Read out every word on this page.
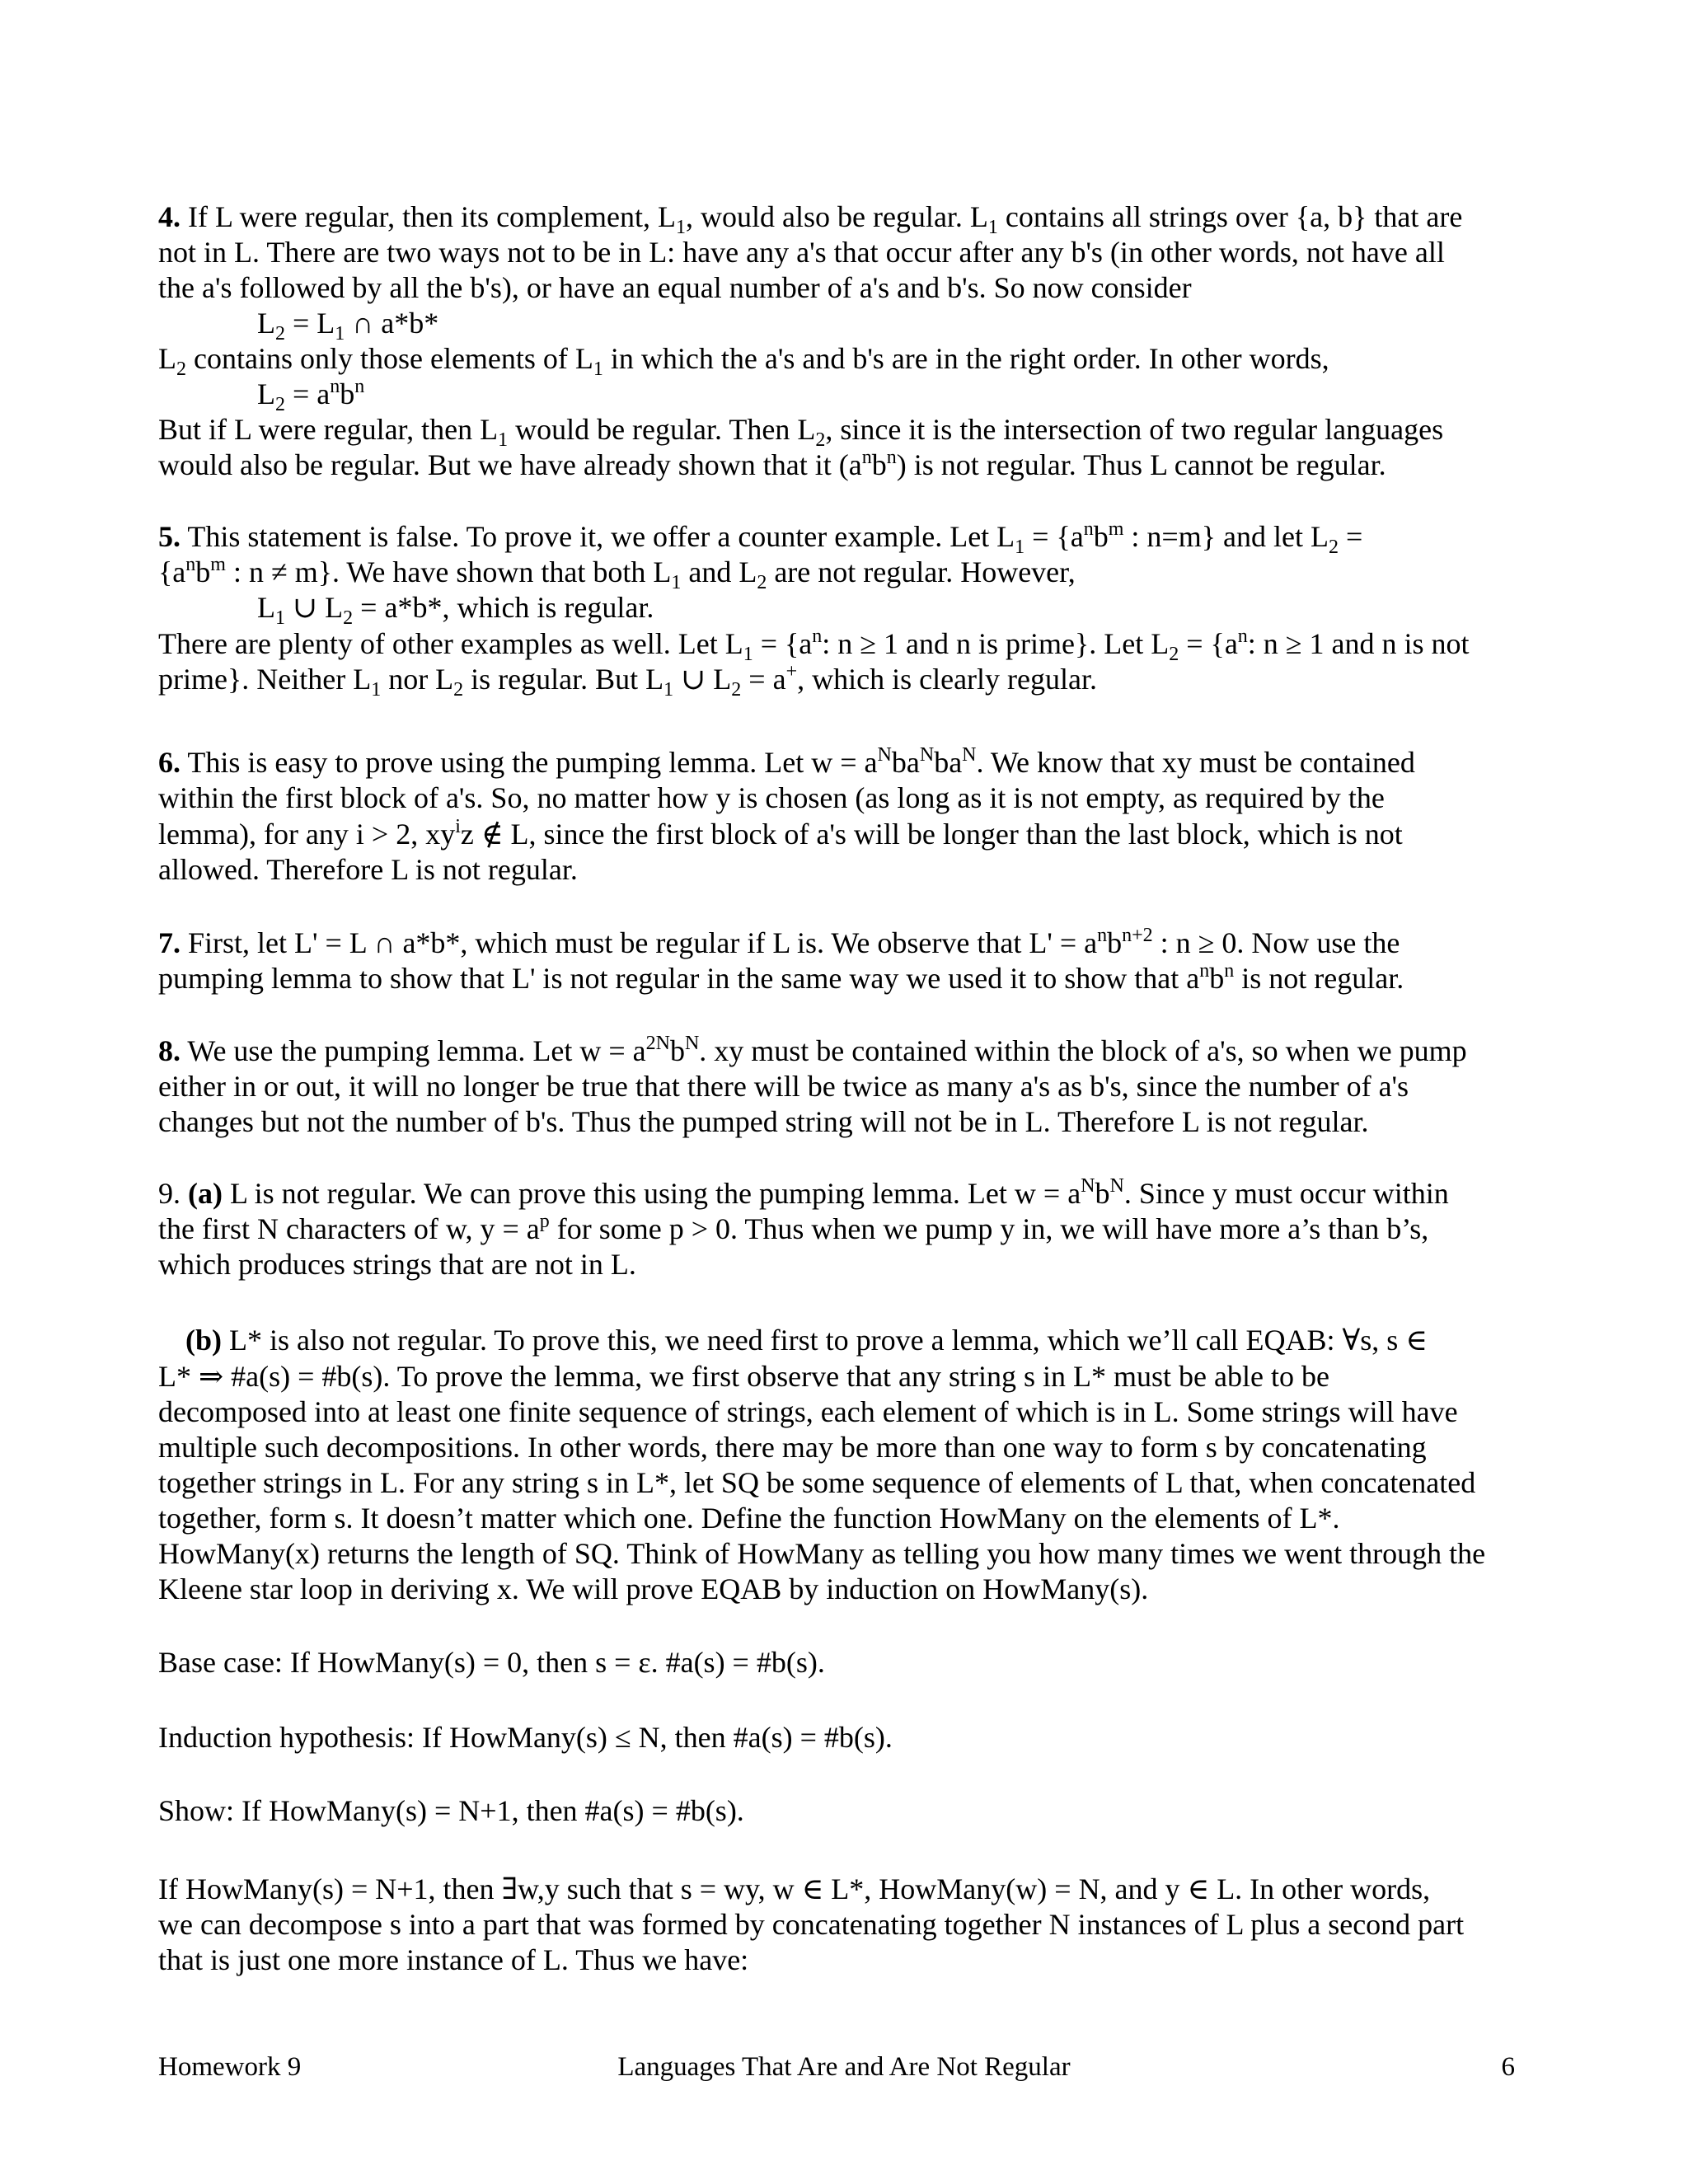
4. If L were regular, then its complement, $L_1$, would also be regular. $L_1$ contains all strings over {a, b} that are
not in L. There are two ways not to be in L: have any a's that occur after any b's (in other words, not have all
the a's followed by all the b's), or have an equal number of a's and b's. So now consider
$L_2 = L_1$ ∩ a*b*
$L_2$ contains only those elements of $L_1$ in which the a's and b's are in the right order. In other words,
$L_2 = a^nb^n$
But if L were regular, then $L_1$ would be regular. Then $L_2$, since it is the intersection of two regular languages
would also be regular. But we have already shown that it $(a^nb^n)$ is not regular. Thus L cannot be regular.
5. This statement is false. To prove it, we offer a counter example. Let $L_1 = \{a^nb^m$ : n=m} and let $L_2$ =
{$a^nb^m$ : n ≠ m}. We have shown that both $L_1$ and $L_2$ are not regular. However,
$L_1$ ∪ $L_2 = a*b*$, which is regular.
There are plenty of other examples as well. Let $L_1 = \{a^n$: n ≥ 1 and n is prime}. Let $L_2 = \{a^n$: n ≥ 1 and n is not
prime}. Neither $L_1$ nor $L_2$ is regular. But $L_1$ ∪ $L_2 = a^+$, which is clearly regular.
6. This is easy to prove using the pumping lemma. Let $w = a^Nba^Nba^N$. We know that xy must be contained
within the first block of a's. So, no matter how y is chosen (as long as it is not empty, as required by the
lemma), for any i > 2, $xy^iz$ ∉ L, since the first block of a's will be longer than the last block, which is not
allowed. Therefore L is not regular.
7. First, let L' = L ∩ a*b*, which must be regular if L is. We observe that $L' = a^nb^{n+2}$ : n ≥ 0. Now use the
pumping lemma to show that L' is not regular in the same way we used it to show that $a^nb^n$ is not regular.
8. We use the pumping lemma. Let $w = a^{2N}b^N$. xy must be contained within the block of a's, so when we pump
either in or out, it will no longer be true that there will be twice as many a's as b's, since the number of a's
changes but not the number of b's. Thus the pumped string will not be in L. Therefore L is not regular.
9. (a) L is not regular. We can prove this using the pumping lemma. Let $w = a^Nb^N$. Since y must occur within
the first N characters of w, $y = a^p$ for some p > 0. Thus when we pump y in, we will have more a’s than b’s,
which produces strings that are not in L.
(b) L* is also not regular. To prove this, we need first to prove a lemma, which we’ll call EQAB: ∀s, s ∈
L* ⇒ #a(s) = #b(s). To prove the lemma, we first observe that any string s in L* must be able to be
decomposed into at least one finite sequence of strings, each element of which is in L. Some strings will have
multiple such decompositions. In other words, there may be more than one way to form s by concatenating
together strings in L. For any string s in L*, let SQ be some sequence of elements of L that, when concatenated
together, form s. It doesn’t matter which one. Define the function HowMany on the elements of L*.
HowMany(x) returns the length of SQ. Think of HowMany as telling you how many times we went through the
Kleene star loop in deriving x. We will prove EQAB by induction on HowMany(s).
Base case: If HowMany(s) = 0, then s = ε. #a(s) = #b(s).
Induction hypothesis: If HowMany(s) ≤ N, then #a(s) = #b(s).
Show: If HowMany(s) = N+1, then #a(s) = #b(s).
If HowMany(s) = N+1, then ∃w,y such that s = wy, w ∈ L*, HowMany(w) = N, and y ∈ L. In other words,
we can decompose s into a part that was formed by concatenating together N instances of L plus a second part
that is just one more instance of L. Thus we have:
Homework 9	Languages That Are and Are Not Regular	6
